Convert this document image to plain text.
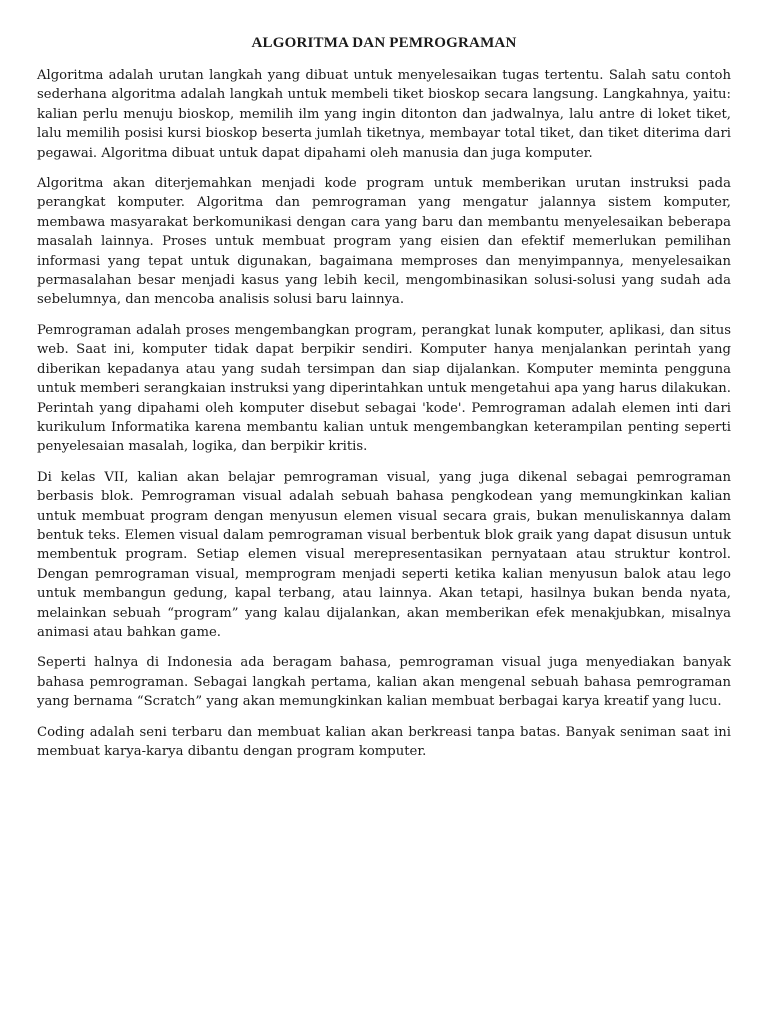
ALGORITMA DAN PEMROGRAMAN

Algoritma adalah urutan langkah yang dibuat untuk menyelesaikan tugas tertentu. Salah satu contoh sederhana algoritma adalah langkah untuk membeli tiket bioskop secara langsung. Langkahnya, yaitu: kalian perlu menuju bioskop, memilih ilm yang ingin ditonton dan jadwalnya, lalu antre di loket tiket, lalu memilih posisi kursi bioskop beserta jumlah tiketnya, membayar total tiket, dan tiket diterima dari pegawai. Algoritma dibuat untuk dapat dipahami oleh manusia dan juga komputer.

Algoritma akan diterjemahkan menjadi kode program untuk memberikan urutan instruksi pada perangkat komputer. Algoritma dan pemrograman yang mengatur jalannya sistem komputer, membawa masyarakat berkomunikasi dengan cara yang baru dan membantu menyelesaikan beberapa masalah lainnya. Proses untuk membuat program yang eisien dan efektif memerlukan pemilihan informasi yang tepat untuk digunakan, bagaimana memproses dan menyimpannya, menyelesaikan permasalahan besar menjadi kasus yang lebih kecil, mengombinasikan solusi-solusi yang sudah ada sebelumnya, dan mencoba analisis solusi baru lainnya.

Pemrograman adalah proses mengembangkan program, perangkat lunak komputer, aplikasi, dan situs web. Saat ini, komputer tidak dapat berpikir sendiri. Komputer hanya menjalankan perintah yang diberikan kepadanya atau yang sudah tersimpan dan siap dijalankan. Komputer meminta pengguna untuk memberi serangkaian instruksi yang diperintahkan untuk mengetahui apa yang harus dilakukan. Perintah yang dipahami oleh komputer disebut sebagai 'kode'. Pemrograman adalah elemen inti dari kurikulum Informatika karena membantu kalian untuk mengembangkan keterampilan penting seperti penyelesaian masalah, logika, dan berpikir kritis.

Di kelas VII, kalian akan belajar pemrograman visual, yang juga dikenal sebagai pemrograman berbasis blok. Pemrograman visual adalah sebuah bahasa pengkodean yang memungkinkan kalian untuk membuat program dengan menyusun elemen visual secara grais, bukan menuliskannya dalam bentuk teks. Elemen visual dalam pemrograman visual berbentuk blok graik yang dapat disusun untuk membentuk program. Setiap elemen visual merepresentasikan pernyataan atau struktur kontrol. Dengan pemrograman visual, memprogram menjadi seperti ketika kalian menyusun balok atau lego untuk membangun gedung, kapal terbang, atau lainnya. Akan tetapi, hasilnya bukan benda nyata, melainkan sebuah “program” yang kalau dijalankan, akan memberikan efek menakjubkan, misalnya animasi atau bahkan game.

Seperti halnya di Indonesia ada beragam bahasa, pemrograman visual juga menyediakan banyak bahasa pemrograman. Sebagai langkah pertama, kalian akan mengenal sebuah bahasa pemrograman yang bernama “Scratch” yang akan memungkinkan kalian membuat berbagai karya kreatif yang lucu.

Coding adalah seni terbaru dan membuat kalian akan berkreasi tanpa batas. Banyak seniman saat ini membuat karya-karya dibantu dengan program komputer.
